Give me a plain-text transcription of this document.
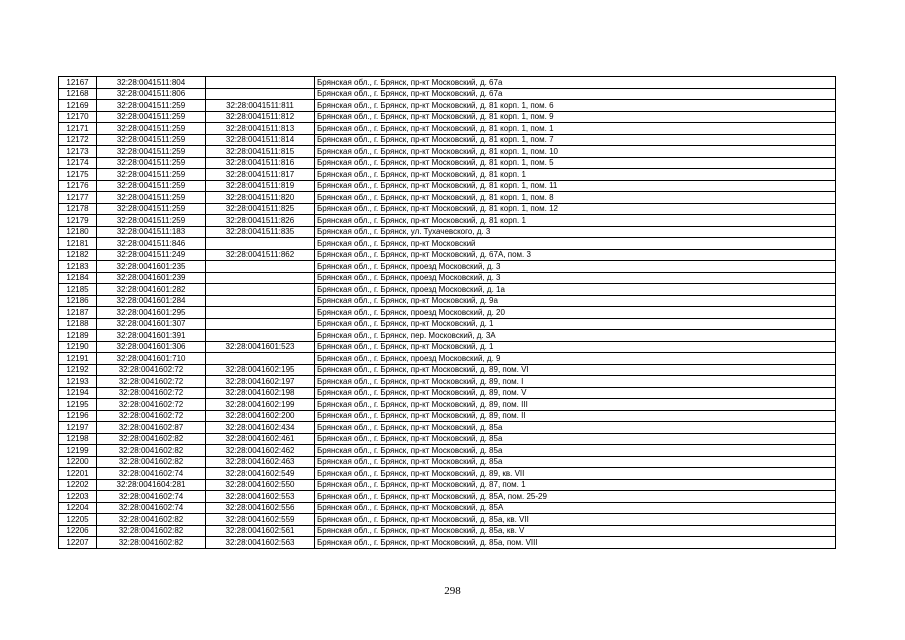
12167	32:28:0041511:804		Брянская обл., г. Брянск, пр-кт Московский, д. 67а
12168	32:28:0041511:806		Брянская обл., г. Брянск, пр-кт Московский, д. 67а
12169	32:28:0041511:259	32:28:0041511:811	Брянская обл., г. Брянск, пр-кт Московский, д. 81 корп. 1, пом. 6
12170	32:28:0041511:259	32:28:0041511:812	Брянская обл., г. Брянск, пр-кт Московский, д. 81 корп. 1, пом. 9
12171	32:28:0041511:259	32:28:0041511:813	Брянская обл., г. Брянск, пр-кт Московский, д. 81 корп. 1, пом. 1
12172	32:28:0041511:259	32:28:0041511:814	Брянская обл., г. Брянск, пр-кт Московский, д. 81 корп. 1, пом. 7
12173	32:28:0041511:259	32:28:0041511:815	Брянская обл., г. Брянск, пр-кт Московский, д. 81 корп. 1, пом. 10
12174	32:28:0041511:259	32:28:0041511:816	Брянская обл., г. Брянск, пр-кт Московский, д. 81 корп. 1, пом. 5
12175	32:28:0041511:259	32:28:0041511:817	Брянская обл., г. Брянск, пр-кт Московский, д. 81 корп. 1
12176	32:28:0041511:259	32:28:0041511:819	Брянская обл., г. Брянск, пр-кт Московский, д. 81 корп. 1, пом. 11
12177	32:28:0041511:259	32:28:0041511:820	Брянская обл., г. Брянск, пр-кт Московский, д. 81 корп. 1, пом. 8
12178	32:28:0041511:259	32:28:0041511:825	Брянская обл., г. Брянск, пр-кт Московский, д. 81 корп. 1, пом. 12
12179	32:28:0041511:259	32:28:0041511:826	Брянская обл., г. Брянск, пр-кт Московский, д. 81 корп. 1
12180	32:28:0041511:183	32:28:0041511:835	Брянская обл., г. Брянск, ул. Тухачевского, д. 3
12181	32:28:0041511:846		Брянская обл., г. Брянск, пр-кт Московский
12182	32:28:0041511:249	32:28:0041511:862	Брянская обл., г. Брянск, пр-кт Московский, д. 67А, пом. 3
12183	32:28:0041601:235		Брянская обл., г. Брянск, проезд Московский, д. 3
12184	32:28:0041601:239		Брянская обл., г. Брянск, проезд Московский, д. 3
12185	32:28:0041601:282		Брянская обл., г. Брянск, проезд Московский, д. 1а
12186	32:28:0041601:284		Брянская обл., г. Брянск, пр-кт Московский, д. 9а
12187	32:28:0041601:295		Брянская обл., г. Брянск, проезд Московский, д. 20
12188	32:28:0041601:307		Брянская обл., г. Брянск, пр-кт Московский, д. 1
12189	32:28:0041601:391		Брянская обл., г. Брянск, пер. Московский, д. 3А
12190	32:28:0041601:306	32:28:0041601:523	Брянская обл., г. Брянск, пр-кт Московский, д. 1
12191	32:28:0041601:710		Брянская обл., г. Брянск, проезд Московский, д. 9
12192	32:28:0041602:72	32:28:0041602:195	Брянская обл., г. Брянск, пр-кт Московский, д. 89, пом. VI
12193	32:28:0041602:72	32:28:0041602:197	Брянская обл., г. Брянск, пр-кт Московский, д. 89, пом. I
12194	32:28:0041602:72	32:28:0041602:198	Брянская обл., г. Брянск, пр-кт Московский, д. 89, пом. V
12195	32:28:0041602:72	32:28:0041602:199	Брянская обл., г. Брянск, пр-кт Московский, д. 89, пом. III
12196	32:28:0041602:72	32:28:0041602:200	Брянская обл., г. Брянск, пр-кт Московский, д. 89, пом. II
12197	32:28:0041602:87	32:28:0041602:434	Брянская обл., г. Брянск, пр-кт Московский, д. 85а
12198	32:28:0041602:82	32:28:0041602:461	Брянская обл., г. Брянск, пр-кт Московский, д. 85а
12199	32:28:0041602:82	32:28:0041602:462	Брянская обл., г. Брянск, пр-кт Московский, д. 85а
12200	32:28:0041602:82	32:28:0041602:463	Брянская обл., г. Брянск, пр-кт Московский, д. 85а
12201	32:28:0041602:74	32:28:0041602:549	Брянская обл., г. Брянск, пр-кт Московский, д. 89, кв. VII
12202	32:28:0041604:281	32:28:0041602:550	Брянская обл., г. Брянск, пр-кт Московский, д. 87, пом. 1
12203	32:28:0041602:74	32:28:0041602:553	Брянская обл., г. Брянск, пр-кт Московский, д. 85А, пом. 25-29
12204	32:28:0041602:74	32:28:0041602:556	Брянская обл., г. Брянск, пр-кт Московский, д. 85А
12205	32:28:0041602:82	32:28:0041602:559	Брянская обл., г. Брянск, пр-кт Московский, д. 85а, кв. VII
12206	32:28:0041602:82	32:28:0041602:561	Брянская обл., г. Брянск, пр-кт Московский, д. 85а, кв. V
12207	32:28:0041602:82	32:28:0041602:563	Брянская обл., г. Брянск, пр-кт Московский, д. 85а, пом. VIII
298
